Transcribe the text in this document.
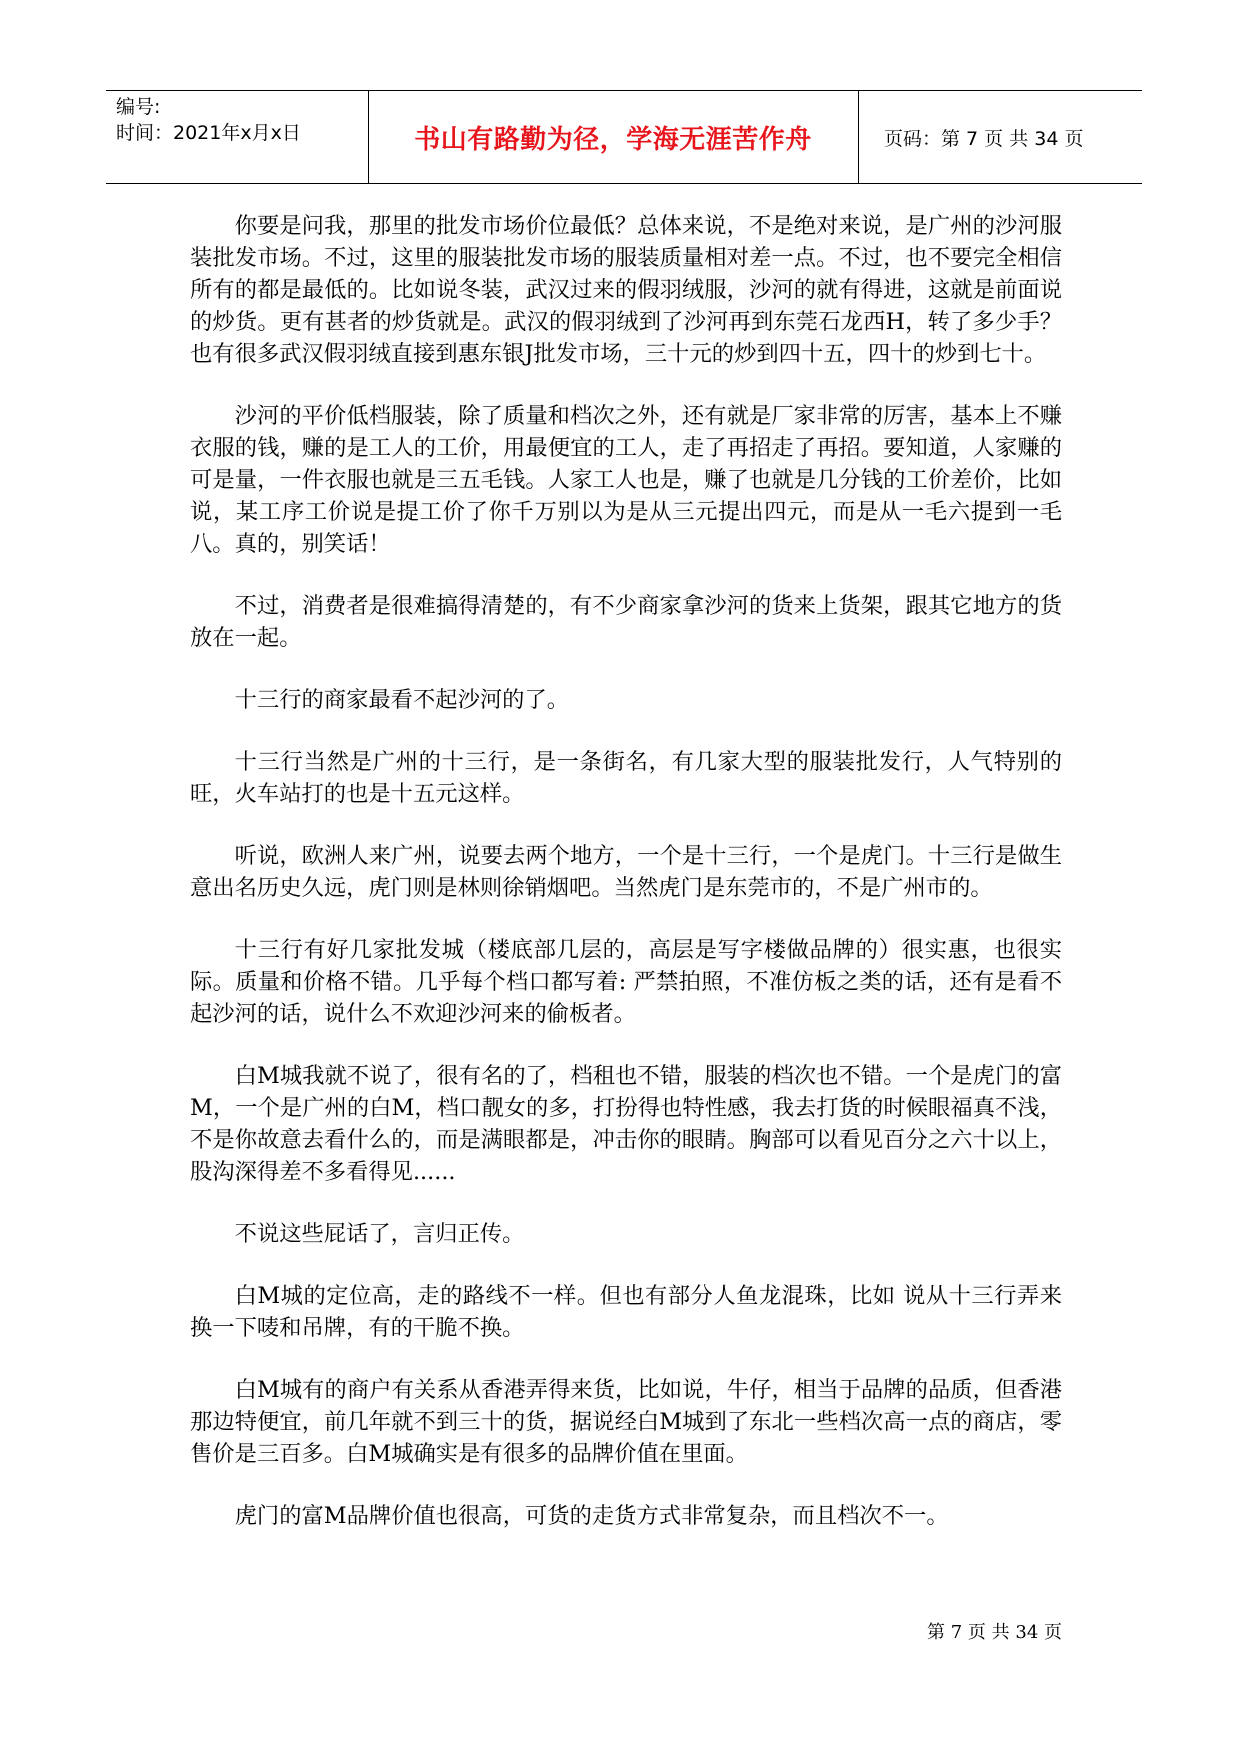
编号:
时间：2021年x月x日	书山有路勤为径，学海无涯苦作舟	页码：第 7 页 共 34 页

你要是问我，那里的批发市场价位最低？总体来说，不是绝对来说，是广州的沙河服装批发市场。不过，这里的服装批发市场的服装质量相对差一点。不过，也不要完全相信所有的都是最低的。比如说冬装，武汉过来的假羽绒服，沙河的就有得进，这就是前面说的炒货。更有甚者的炒货就是。武汉的假羽绒到了沙河再到东莞石龙西H，转了多少手？也有很多武汉假羽绒直接到惠东银J批发市场，三十元的炒到四十五，四十的炒到七十。

沙河的平价低档服装，除了质量和档次之外，还有就是厂家非常的厉害，基本上不赚衣服的钱，赚的是工人的工价，用最便宜的工人，走了再招走了再招。要知道，人家赚的可是量，一件衣服也就是三五毛钱。人家工人也是，赚了也就是几分钱的工价差价，比如说，某工序工价说是提工价了你千万别以为是从三元提出四元，而是从一毛六提到一毛八。真的，别笑话！

不过，消费者是很难搞得清楚的，有不少商家拿沙河的货来上货架，跟其它地方的货放在一起。

十三行的商家最看不起沙河的了。

十三行当然是广州的十三行，是一条街名，有几家大型的服装批发行，人气特别的旺，火车站打的也是十五元这样。

听说，欧洲人来广州，说要去两个地方，一个是十三行，一个是虎门。十三行是做生意出名历史久远，虎门则是林则徐销烟吧。当然虎门是东莞市的，不是广州市的。

十三行有好几家批发城（楼底部几层的，高层是写字楼做品牌的）很实惠，也很实际。质量和价格不错。几乎每个档口都写着: 严禁拍照，不准仿板之类的话，还有是看不起沙河的话，说什么不欢迎沙河来的偷板者。

白M城我就不说了，很有名的了，档租也不错，服装的档次也不错。一个是虎门的富M，一个是广州的白M，档口靓女的多，打扮得也特性感，我去打货的时候眼福真不浅，不是你故意去看什么的，而是满眼都是，冲击你的眼睛。胸部可以看见百分之六十以上，股沟深得差不多看得见......

不说这些屁话了，言归正传。

白M城的定位高，走的路线不一样。但也有部分人鱼龙混珠，比如 说从十三行弄来换一下唛和吊牌，有的干脆不换。

白M城有的商户有关系从香港弄得来货，比如说，牛仔，相当于品牌的品质，但香港那边特便宜，前几年就不到三十的货，据说经白M城到了东北一些档次高一点的商店，零售价是三百多。白M城确实是有很多的品牌价值在里面。

虎门的富M品牌价值也很高，可货的走货方式非常复杂，而且档次不一。

第 7 页 共 34 页
